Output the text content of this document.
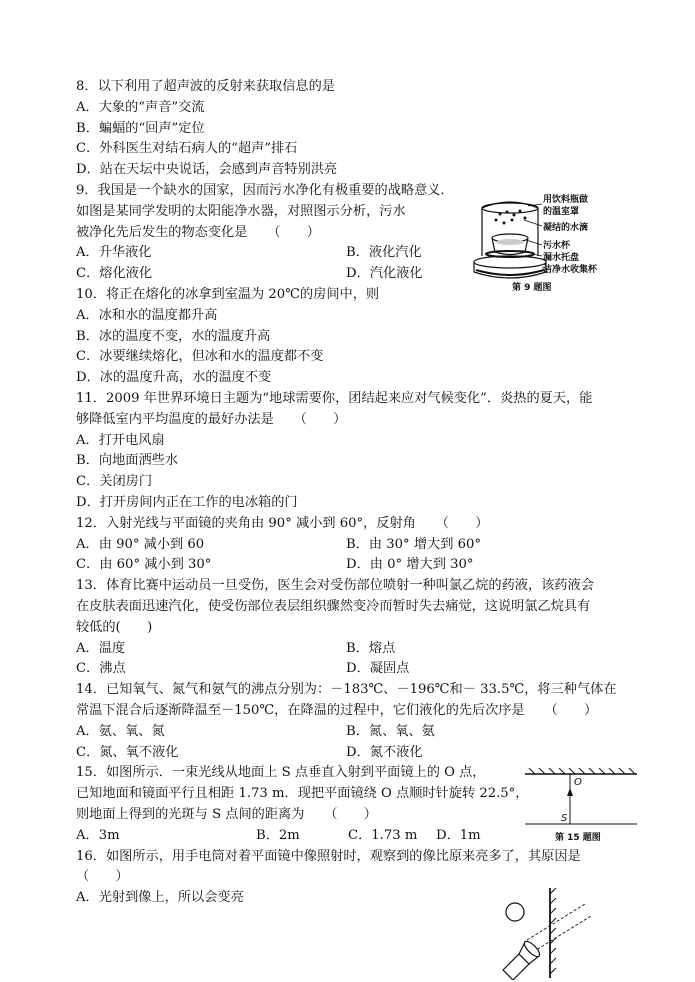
8．以下利用了超声波的反射来获取信息的是
A．大象的“声音”交流
B．蝙蝠的“回声”定位
C．外科医生对结石病人的“超声”排石
D．站在天坛中央说话，会感到声音特别洪亮
9．我国是一个缺水的国家，因而污水净化有极重要的战略意义．
如图是某同学发明的太阳能净水器，对照图示分析，污水
被净化先后发生的物态变化是　　（　　）
A．升华液化	B．液化汽化
C．熔化液化	D．汽化液化
10．将正在熔化的冰拿到室温为 20℃的房间中，则
A．冰和水的温度都升高
B．冰的温度不变，水的温度升高
C．冰要继续熔化，但冰和水的温度都不变
D．冰的温度升高，水的温度不变
11．2009 年世界环境日主题为“地球需要你，团结起来应对气候变化”．炎热的夏天，能
够降低室内平均温度的最好办法是　　（　　）
A．打开电风扇
B．向地面洒些水
C．关闭房门
D．打开房间内正在工作的电冰箱的门
12．入射光线与平面镜的夹角由 90° 减小到 60°，反射角　　（　　）
A．由 90° 减小到 60	B．由 30° 增大到 60°
C．由 60° 减小到 30°	D．由 0° 增大到 30°
13．体育比赛中运动员一旦受伤，医生会对受伤部位喷射一种叫氯乙烷的药液，该药液会
在皮肤表面迅速汽化，使受伤部位表层组织骤然变冷而暂时失去痛觉，这说明氯乙烷具有
较低的(　　)
A．温度	B．熔点
C．沸点	D．凝固点
14．已知氧气、氮气和氨气的沸点分别为：－183℃、－196℃和－ 33.5℃，将三种气体在
常温下混合后逐渐降温至－150℃，在降温的过程中，它们液化的先后次序是　　（　　）
A．氨、氧、氮	B．氮、氧、氨
C．氮、氧不液化	D．氮不液化
15．如图所示．一束光线从地面上 S 点垂直入射到平面镜上的 O 点，
已知地面和镜面平行且相距 1.73 m．现把平面镜绕 O 点顺时针旋转 22.5°，
则地面上得到的光斑与 S 点间的距离为　　（　　）
A．3m	B．2m	C．1.73 m D．1m
16．如图所示，用手电筒对着平面镜中像照射时，观察到的像比原来亮多了，其原因是
（　　）
A．光射到像上，所以会变亮
用饮料瓶做
的温室罩
凝结的水滴
污水杯
漏水托盘
洁净水收集杯
第 9 题图
O
S
第 15 题图
